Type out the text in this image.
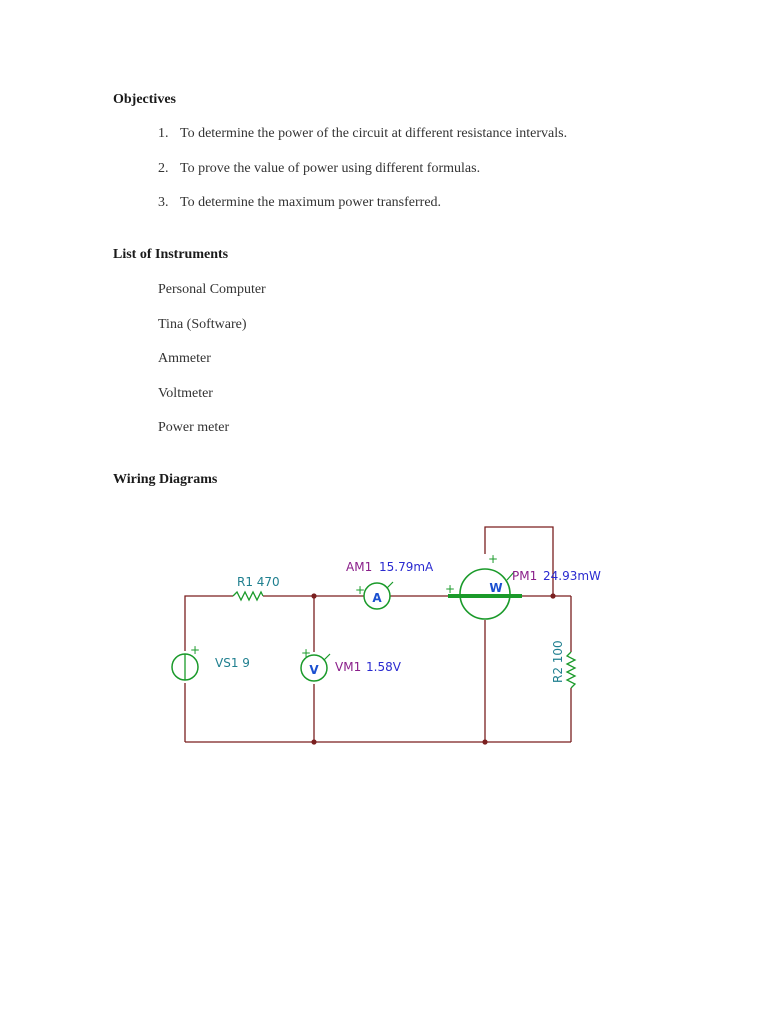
Objectives
1. To determine the power of the circuit at different resistance intervals.
2. To prove the value of power using different formulas.
3. To determine the maximum power transferred.
List of Instruments
Personal Computer
Tina (Software)
Ammeter
Voltmeter
Power meter
Wiring Diagrams
R1 470
+
VS1 9
A
+
AM1 15.79mA
V
+
VM1 1.58V
W
+
+
PM1 24.93mW
R2 100
